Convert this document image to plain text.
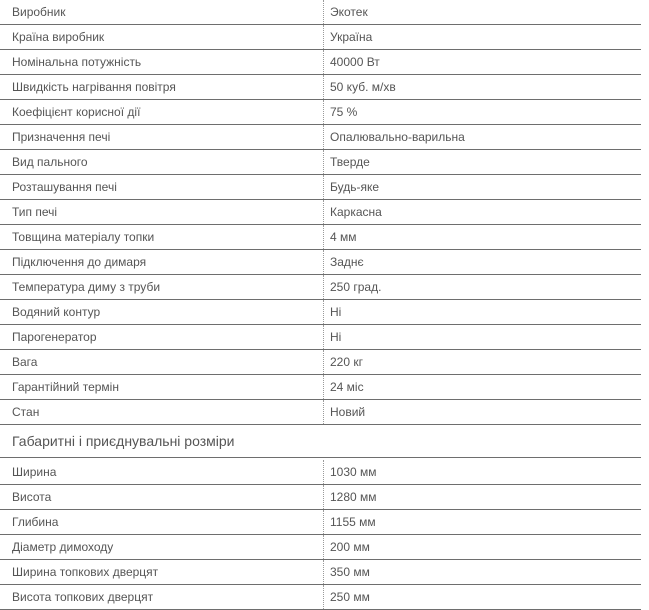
Виробник	Экотек
Країна виробник	Україна
Номінальна потужність	40000 Вт
Швидкість нагрівання повітря	50 куб. м/хв
Коефіцієнт корисної дії	75 %
Призначення печі	Опалювально-варильна
Вид пального	Тверде
Розташування печі	Будь-яке
Тип печі	Каркасна
Товщина матеріалу топки	4 мм
Підключення до димаря	Заднє
Температура диму з труби	250 град.
Водяний контур	Ні
Парогенератор	Ні
Вага	220 кг
Гарантійний термін	24 міс
Стан	Новий
Габаритні і приєднувальні розміри
Ширина	1030 мм
Висота	1280 мм
Глибина	1155 мм
Діаметр димоходу	200 мм
Ширина топкових дверцят	350 мм
Висота топкових дверцят	250 мм
